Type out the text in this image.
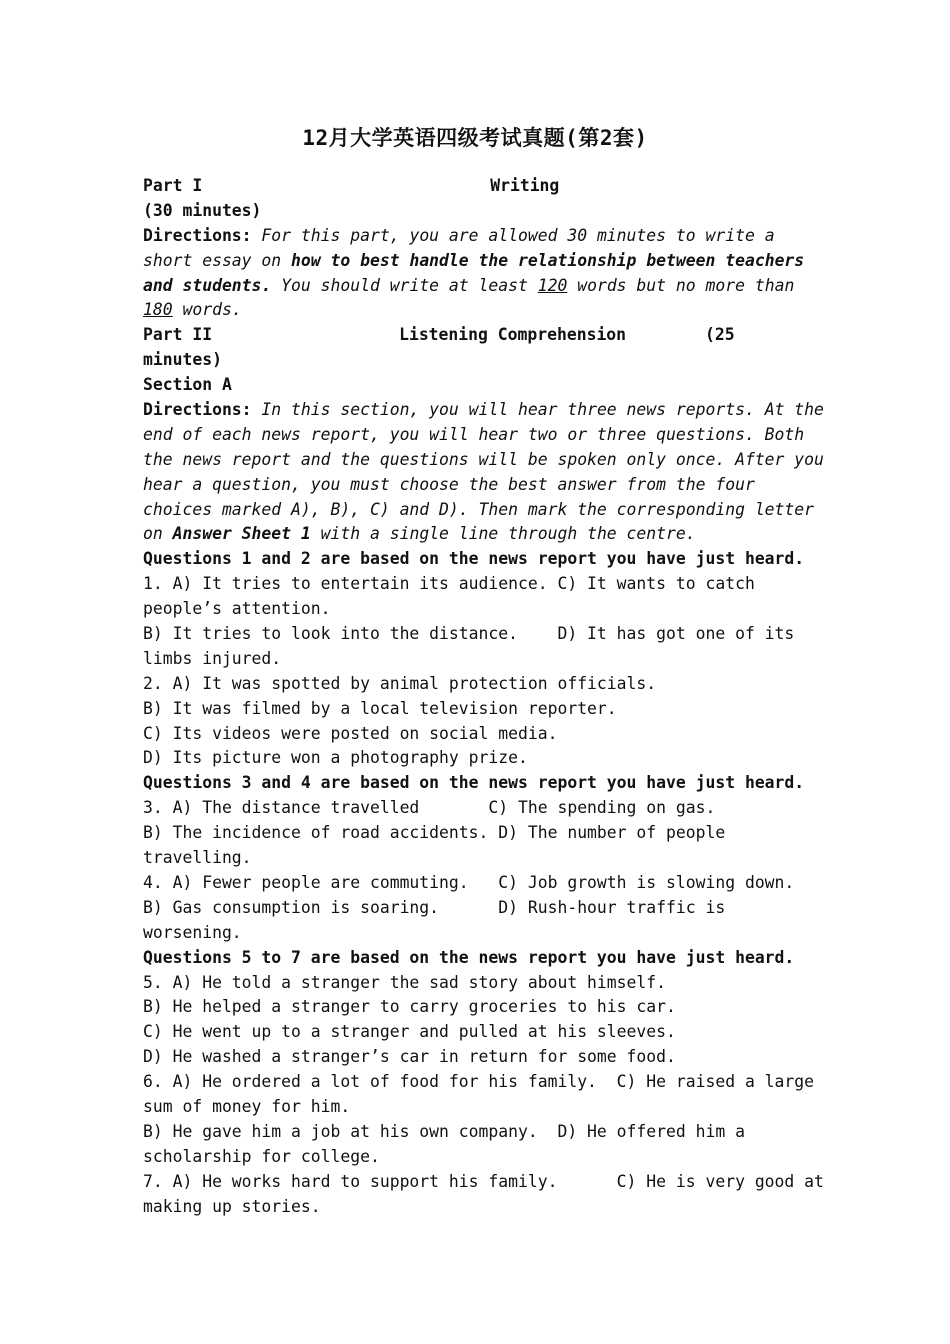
12月大学英语四级考试真题(第2套)
Part I	Writing
(30 minutes)
Directions: For this part, you are allowed 30 minutes to write a
short essay on how to best handle the relationship between teachers
and students. You should write at least 120 words but no more than
180 words.
Part II	Listening Comprehension	(25
minutes)
Section A
Directions: In this section, you will hear three news reports. At the
end of each news report, you will hear two or three questions. Both
the news report and the questions will be spoken only once. After you
hear a question, you must choose the best answer from the four
choices marked A), B), C) and D). Then mark the corresponding letter
on Answer Sheet 1 with a single line through the centre.
Questions 1 and 2 are based on the news report you have just heard.
1. A) It tries to entertain its audience. C) It wants to catch
people’s attention.
B) It tries to look into the distance.    D) It has got one of its
limbs injured.
2. A) It was spotted by animal protection officials.
B) It was filmed by a local television reporter.
C) Its videos were posted on social media.
D) Its picture won a photography prize.
Questions 3 and 4 are based on the news report you have just heard.
3. A) The distance travelled       C) The spending on gas.
B) The incidence of road accidents. D) The number of people
travelling.
4. A) Fewer people are commuting.   C) Job growth is slowing down.
B) Gas consumption is soaring.      D) Rush-hour traffic is
worsening.
Questions 5 to 7 are based on the news report you have just heard.
5. A) He told a stranger the sad story about himself.
B) He helped a stranger to carry groceries to his car.
C) He went up to a stranger and pulled at his sleeves.
D) He washed a stranger’s car in return for some food.
6. A) He ordered a lot of food for his family.  C) He raised a large
sum of money for him.
B) He gave him a job at his own company.  D) He offered him a
scholarship for college.
7. A) He works hard to support his family.      C) He is very good at
making up stories.
